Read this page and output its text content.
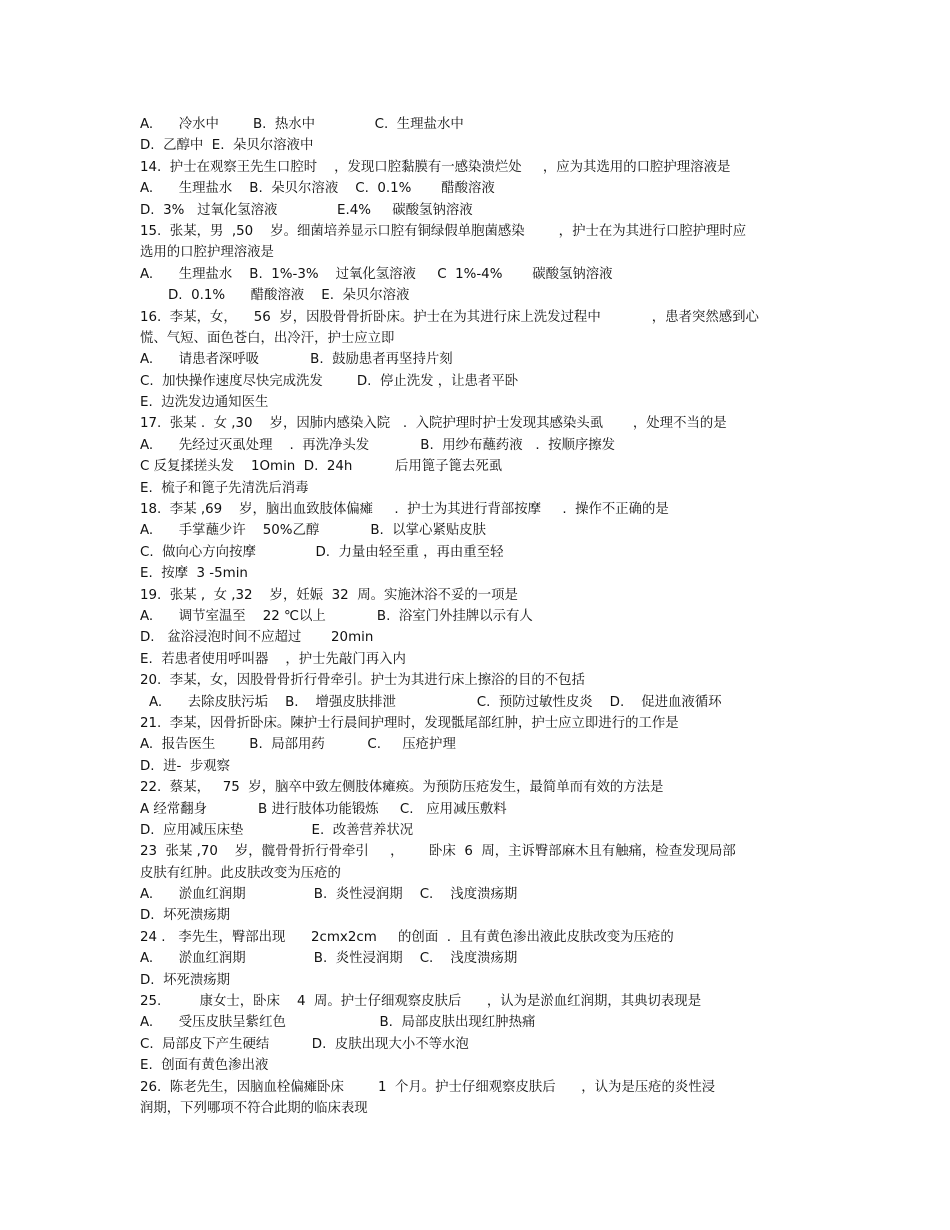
A.      冷水中        B.  热水中              C.  生理盐水中
D.  乙醇中  E.  朵贝尔溶液中
14.  护士在观察王先生口腔时    ，发现口腔黏膜有一感染溃烂处     ，应为其选用的口腔护理溶液是
A.      生理盐水    B.  朵贝尔溶液    C.  0.1%       醋酸溶液
D.  3%   过氧化氢溶液              E.4%     碳酸氢钠溶液
15.  张某，男  ,50    岁。细菌培养显示口腔有铜绿假单胞菌感染        ，护士在为其进行口腔护理时应
选用的口腔护理溶液是
A.      生理盐水    B.  1%-3%    过氧化氢溶液     C  1%-4%       碳酸氢钠溶液
D.  0.1%      醋酸溶液    E.  朵贝尔溶液
16.  李某，女，    56  岁，因股骨骨折卧床。护士在为其进行床上洗发过程中            ，患者突然感到心
慌、气短、面色苍白，出冷汗，护士应立即
A.      请患者深呼吸            B.  鼓励患者再坚持片刻
C.  加快操作速度尽快完成洗发        D.  停止洗发 ，让患者平卧
E.  边洗发边通知医生
17.  张某 .  女 ,30    岁，因肺内感染入院   .  入院护理时护士发现其感染头虱       ，处理不当的是
A.      先经过灭虱处理    .  再洗净头发            B.  用纱布蘸药液   .  按顺序擦发
C 反复揉搓头发    1Omin  D.  24h          后用篦子篦去死虱
E.  梳子和篦子先清洗后消毒
18.  李某 ,69    岁，脑出血致肢体偏瘫     .  护士为其进行背部按摩     .  操作不正确的是
A.      手掌蘸少许    50%乙醇            B.  以掌心紧贴皮肤
C.  做向心方向按摩              D.  力量由轻至重 ，再由重至轻
E.  按摩  3 -5min
19.  张某 ,  女 ,32    岁，妊娠  32  周。实施沐浴不妥的一项是
A.      调节室温至    22 ℃以上            B.  浴室门外挂牌以示有人
D.   盆浴浸泡时间不应超过       20min
E.  若患者使用呼叫器    ，护士先敲门再入内
20.  李某，女，因股骨骨折行骨牵引。护士为其进行床上擦浴的目的不包括
A.      去除皮肤污垢    B.    增强皮肤排泄                   C.  预防过敏性皮炎    D.    促进血液循环
21.  李某，因骨折卧床。陳护士行晨间护理时，发现骶尾部红肿，护士应立即进行的工作是
A.  报告医生        B.  局部用药          C.     压疮护理
D.  进-  步观察
22.  蔡某，   75  岁，脑卒中致左侧肢体瘫痪。为预防压疮发生，最简单而有效的方法是
A 经常翻身            B 进行肢体功能锻炼     C.   应用减压敷料
D.  应用减压床垫                E.  改善营养状况
23  张某 ,70    岁，髋骨骨折行骨牵引     ，      卧床  6  周，主诉臀部麻木且有触痛，检查发现局部
皮肤有红肿。此皮肤改变为压疮的
A.      淤血红润期                B.  炎性浸润期    C.    浅度溃疡期
D.  坏死溃疡期
24 .   李先生，臀部出现      2cmx2cm     的创面  .  且有黄色渗出液此皮肤改变为压疮的
A.      淤血红润期                B.  炎性浸润期    C.    浅度溃疡期
D.  坏死溃疡期
25.         康女士，卧床    4  周。护士仔细观察皮肤后      ，认为是淤血红润期，其典切表现是
A.      受压皮肤呈紫红色                      B.  局部皮肤出现红肿热痛
C.  局部皮下产生硬结          D.  皮肤出现大小不等水泡
E.  创面有黄色渗出液
26.  陈老先生，因脑血栓偏瘫卧床        1  个月。护士仔细观察皮肤后      ，认为是压疮的炎性浸
润期，下列哪项不符合此期的临床表现
